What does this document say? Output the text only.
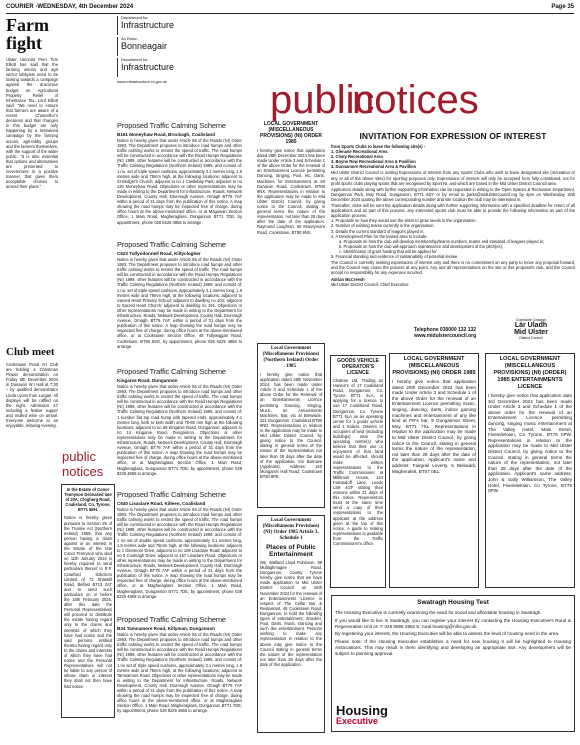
COURIER -WEDNESDAY, 4th December 2024	Page 35
Farm fight
Ulster Unionist Peer Tom Elliott has said that the farming unions and agri sector lobbyists need to be looking towards a campaign against the draconian budget on Agricultural Property Relief of Inheritance Tax. Lord Elliott said: “We need to ensure that farmers are aware of a recent Chancellor’s decisions and that changes in this budget are only happening by a restrained campaign by the farming unions, agri-lobby groups and the farmers themselves, with the support of the wider public. “It is also essential that options and alternatives are presented to Government in a positive manner, that gives them acceptable choices to amend their plans.”
Club meet
Cookstown Floral Art Club are holding a Christmas Flower demonstration on Friday 6th December 2024 in Dunavon W.I Hall at 7:30 – by qualified demonstrator Linda Lyons from Lurgan. All displays will be raffled on the night. Admission £7 including a festive supper and mulled wine on arrival. Everyone welcome to an enjoyable, relaxing evening.
public
notices
In the Estate of Conor Tennyson Deceased late of 20A, Clogherg Road, Coalisland, Co. Tyrone, BT71 5EH.
Notice is hereby given pursuant to Section 28 of the Trustee Act (Northern Ireland) 1958, that any person having a claim against or an interest in the Estate of the late Conor Tennyson who died on 11th January 2024 is hereby required to send particulars thereof to R.P. Crawford Solicitors Limited of 72 Shankill Road, Belfast BT13 2AT and to send such particulars on or before the 18th February 2025, after this date the Personal Representatives will proceed to distribute the estate having regard only to the claims and interests of which they have had notice and the said persons entitled thereto having regard only to the claims and interests of which they have had notice and the Personal Representatives will not be liable to any person of whose claim or interest they shall not then have had notice.
public
notices
Department for
Infrastructure
An Roinn
Bonneagair
Department for
Infrastructure
www.infrastructure-ni.gov.uk
Proposed Traffic Calming Scheme
B161 Moneyhaw Road, Brockagh, Coalisland
Notice is hereby given that under Article 65 of the Roads (NI) Order 1993, The Department proposes to introduce road humps and other traffic calming works to restrict the speed of traffic. The road humps will be constructed in accordance with the Road Humps Regulations (NI) 1999, other features will be constructed in accordance with the Traffic Calming Regulations (Northern Ireland) 1999, and consist of: 1 no. set of triple speed cushions, approximately 3.1 metres long, 1.9 metres wide and 75mm high, at the following locations: adjacent to St Bridget's Church; adjacent to no 1 Castlebay Park; adjacent to no 130 Moneyhaw Road. Objections or other representations may be made in writing to the Department for Infrastructure, Roads, Network Development, County Hall, Drumragh Avenue, Omagh BT79 7AF within a period of 31 days from the publication of this notice. A map showing the road humps may be inspected free of charge, during office hours at the above-mentioned office, or at Magowan Section Office, 1 Main Road, Magheraglass, Dungannon BT71 7DE, by appointment, phone 028 8225 4865 to arrange.
Proposed Traffic Calming Scheme
C623 Tullyodonnell Road, Kiltyclogher
Notice is hereby given that under Article 65 of the Roads (NI) Order 1993, The Department proposes to introduce road humps and other traffic calming works to restrict the speed of traffic. The road humps will be constructed in accordance with the Road Humps Regulations (NI) 1999, other features will be constructed in accordance with the Traffic Calming Regulations (Northern Ireland) 1999, and consist of: 1 no. set of triple speed cushions, approximately 3.1 metres long, 1.9 metres wide and 75mm high, at the following locations: adjacent to Sacred Heart Primary School; adjacent to dwelling no 102; adjacent to Sacred Heart Church; adjacent to dwelling no 191. Objections or other representations may be made in writing to the Department for Infrastructure, Roads, Network Development, County Hall, Drumragh Avenue, Omagh, BT79 7AF, within a period of 31 days from the publication of this notice. A map showing the road humps may be inspected free of charge, during office hours at the above-mentioned office, or at Cookstown Section Office, 48 Tullywiggan Road, Cookstown, BT80 8SG, by appointment, phone 028 8225 4865 to arrange.
Proposed Traffic Calming Scheme
Kingarve Road, Dungannon
Notice is hereby given that under Article 65 of the Roads (NI) Order 1993, The Department proposes to introduce road humps and other traffic calming works to restrict the speed of traffic. The road humps will be constructed in accordance with the Road Humps Regulations (NI) 1999, other features will be constructed in accordance with the Traffic Calming Regulations (Northern Ireland) 1999, and consist of: 1 number flat top road hump with tapered ends, approximately 4.1 metres long, kerb to kerb width and 75-80 mm high at the following locations; adjacent to no 68 Kingarve Road, Dungannon; adjacent to no 14 Kingarve Road, Dungannon. Objections or other representations may be made in writing to the Department for Infrastructure, Roads, Network Development, County Hall, Drumragh Avenue, Omagh, BT79 7AF within a period of 31 days from the publication of this notice. A map showing the road humps may be inspected free of charge, during office hours at the above-mentioned office, or at Magheraglass Section Office, 1 Main Road, Magheraglass, Dungannon BT71 7DE, by appointment, phone 028 8225 4865 to arrange.
Proposed Traffic Calming Scheme
C640 Lisaclare Road, Killeen, Coalisland
Notice is hereby given that under Article 65 of the Roads (NI) Order 1993, The Department proposes to introduce road humps and other traffic calming works to restrict the speed of traffic. The road humps will be constructed in accordance with the Road Humps Regulations (NI) 1999, other features will be constructed in accordance with the Traffic Calming Regulations (Northern Ireland) 1999, and consist of: 1 no set of double speed cushions, approximately 3.1 metres long, 1.9 metres wide and 75mm high, at the following locations: adjacent to 1 Glenmore Drive; adjacent to no 109 Lisaclare Road; adjacent to no 8 Coolnagh Drive; adjacent to 167 Lisaclare Road. Objections or other representations may be made in writing to the Department for Infrastructure, Roads, Network Development, County Hall, Drumragh Avenue, Omagh BT79 7AF within a period of 31 days from the publication of this notice. A map showing the road humps may be inspected free of charge, during office hours at the above-mentioned office, or at Magheraglass Section Office, 1 Main Road, Magheraglass, Dungannon BT71 7DE, by appointment, phone 028 8225 4865 to arrange.
Proposed Traffic Calming Scheme
B34 Tamnamore Road, Killyman, Dungannon
Notice is hereby given that under Article 65 of the Roads (NI) Order 1993, The Department proposes to introduce road humps and other traffic calming works to restrict the speed of traffic. The road humps will be constructed in accordance with the Road Humps Regulations (NI) 1999, other features will be constructed in accordance with the Traffic Calming Regulations (Northern Ireland) 1999, and consist of: 1 no set of triple speed cushions, approximately 3.1 metres long, 1.9 metres wide and 75mm high, at the following locations: adjacent to Tamnamore Road. Objections or other representations may be made in writing to the Department for Infrastructure, Roads, Network Development, County Hall, Drumragh Avenue, Omagh BT79 7AF within a period of 31 days from the publication of this notice. A map showing the road humps may be inspected free of charge, during office hours at the above-mentioned office, or at Magheraglass Section Office, 1 Main Road, Magheraglass, Dungannon BT71 7DE, by appointment, phone 028 8225 4865 to arrange.
LOCAL GOVERNMENT (MISCELLANEOUS PROVISIONS) (NI) ORDER 1985
I hereby give notice that application dated 28th December 2024 has been made Under Article 3 and Schedule 1 of the above Order for the renewal of an Entertainment Licence permitting Dancing, Singing, Pool, etc, Darts, Machines for Entertainment at 60 Dunavon Road, Cookstown, BT80 9NX. Representations in relation to the application may be made to Mid Ulster District Council, by giving notice to the Council, stating in general terms the nature of the representation, not later than 28 days after the date of the application. Raymond Loughran, 60 Moneymore Road, Cookstown, BT80 9NX.
Local Government (Miscellaneous Provisions) (Northern Ireland) Order 1985
I hereby give notice that application dated 28th November 2024, has been made under Article 3 and Schedule 1 of the above Order for the Renewal of an Entertainments Licence permitting Dancing, Singing, Music, an Amusements Machines, Bar, etc at Brewside, 221 Dungannon, Coalisland BT80 9ND. Representations in relation to the application may be made to Mid Ulster District Council, by giving notice to the Council, stating in general terms of the nature of the representation not later than 28 days after the date of the application. Iris Barrowe (Applicant), Address: 150 Mongarret Hall Road, Cookstown BT80 8PE.
Local Government (Miscellaneous Provisions) (NI) Order 1985 Article 3, Schedule 1
Places of Public Entertainment
We, Walland Lloyd Robinson, 99 Mullaghmagee Road, Dungannon, County Tyrone hereby give notice that we have made application to Mid Ulster District Council on 28th November 2024 for the renewal of an Entertainments Licence in respect of The Cellar Bar & Restaurant, 45 Cookstown Road, Dungannon, to hold the following types of entertainment: Snooker, Pool, Darts, Music, Dancing and such like entertainment. Persons wishing to make any representation in relation to the above may give notice to the Council stating in general terms the nature of the representation not later than 28 days after the date of this application.
INVITATION FOR EXPRESSION OF INTEREST
from Sports Clubs to lease the following site(s) -
1. Glenane Recreational Area
2. Chaty Recreational Area
3. Boyne Row Recreational Area & Pavillion
4. Dunnamore Recreational Area & Pavillion
Mid Ulster District Council is inviting Expressions of Interest from any Sports Clubs who wish to lease designated site (recreation or any or all of the above sites) for sporting purposes only. Expressions of interest will only be accepted from fully constituted, not for profit sports clubs playing sports that are recognised by Sport NI, and which are based in the Mid Ulster District Council area.
Application details along with further supporting information can be requested in writing to the Open Spaces & Recreation Department, Dungannon Park, Moy Road, Dungannon, BT71 6DY or by email to parks@midulstercouncil.org by 4pm on Wednesday 18th December 2024 quoting the above corresponding number and site location the club may be interested in.
Thereafter, clubs will be sent the application details along with further supporting information with a specified deadline for return of all applications and as part of this process, any interested sports club must be able to provide the following information as part of the application process:
1. Proposals on how they would use the site/s to grow needs in the organisation.
2. Number of existing teams currently in the organisation.
3. Details the current standard of leagues played in.
4. A Development Plan for the leased area to include:
a. Proposals on how the club will develop membership/teams numbers, teams and standard of leagues played in;
b. Proposals on how the club will approach maintenance and development of the pitch(es);
c. Identification of grant funding that will be applied for.
5. Financial standing and evidence of sustainability of potential lessee.
The Council is currently seeking expressions of interest only and there is no commitment on any party to move any proposal forward, and the Council may cease the process at any point. Any and all representations on the site or this proposal's club, and the Council accept no responsibility for any expenses incurred.
Adrian McCreesh
Mid Ulster District Council, Chief Executive
Telephone 030000 132 132
www.midulstercouncil.org
Comhairle Ceantair
Lár Uladh
Mid Ulster
District Council
GOODS VEHICLE OPERATOR'S LICENCE
Chalene Ltd, Trading as Hanlon's of 17 Coalisland Road, Dungannon, Co. Tyrone BT71 6LA, is applying for a licence to use 17 Coalisland Road, Dungannon, Co. Tyrone BT71 6LA as an operating centre for 1 goods vehicle and 1 trailers. Owners or occupiers of land (including buildings) near the operating centre(s) who believe that their use or enjoyment of that land would be affected, should make written representations to the Traffic Commissioner at Millbrook House, 144 Farrandoff Lane, Leeds LS9 4GF stating their reasons within 21 days of this notice. Representors must at the same time send a copy of their representations to the applicant at the address given at the top of this notice. A guide to making representations is available from the Traffic Commissioner's office.
LOCAL GOVERNMENT (MISCELLANEOUS PROVISIONS) (NI) ORDER 1985
I hereby give notice that application dated 25th December 2024 has been made Under Article 3 and Schedule 1 of the above Order for the renewal of an Entertainment Licence permitting music, singing, dancing, darts, indoor gaming machines and entertainment of any like kind at PR's bar, 9 Dungannon Street, Moy, BT71 7SL. Representations in relation to the application may be made to Mid Ulster District Council, by giving notice to the Council, stating in general terms the nature of the representation, not later than 28 days after the date of the application. Applicant's name and address: Fairgrail Leverty, 5 Beleaddi, Magherafelt, BT67 0EL.
LOCAL GOVERNMENT (MISCELLANEOUS PROVISIONS) (NI) (ORDER) 1985 ENTERTAINMENTS LICENCE
I hereby give notice that application date 3rd December 2024 has been made Under Article 3 and Schedule 1 of the above order for the renewal of an Entertainment Licence permitting dancing, singing music entertainment at The Valley Hotel, Main Street, Fivemiletown, Co Tyrone, BT75 0PW. Representations in relation to the application may be made to Mid Ulster District Council, by giving notice to the Council, stating in general terms the nature of the representation, not later than 28 days after the date of the application. Applicant's name address: John & Sally Williamson, The Valley Hotel, Fivemiletown, Co Tyrone, BT75 0PW.
Swatragh Housing Test
The Housing Executive is currently examining the need for social and affordable housing in Swatragh.
If you would like to live in Swatragh, you can register your interest by contacting the Housing Executive's Rural & Regeneration Unit on T: 028 9598 2862 E: rural.housing@nihe.gov.uk
By registering your interest, the Housing Executive will be able to assess the level of housing need in the area.
Please note: If the Housing Executive establishes a need for new housing it will be highlighted to Housing Associations. This may result in them identifying and developing an appropriate site. Any development will be subject to planning approval.
Housing
Executive
